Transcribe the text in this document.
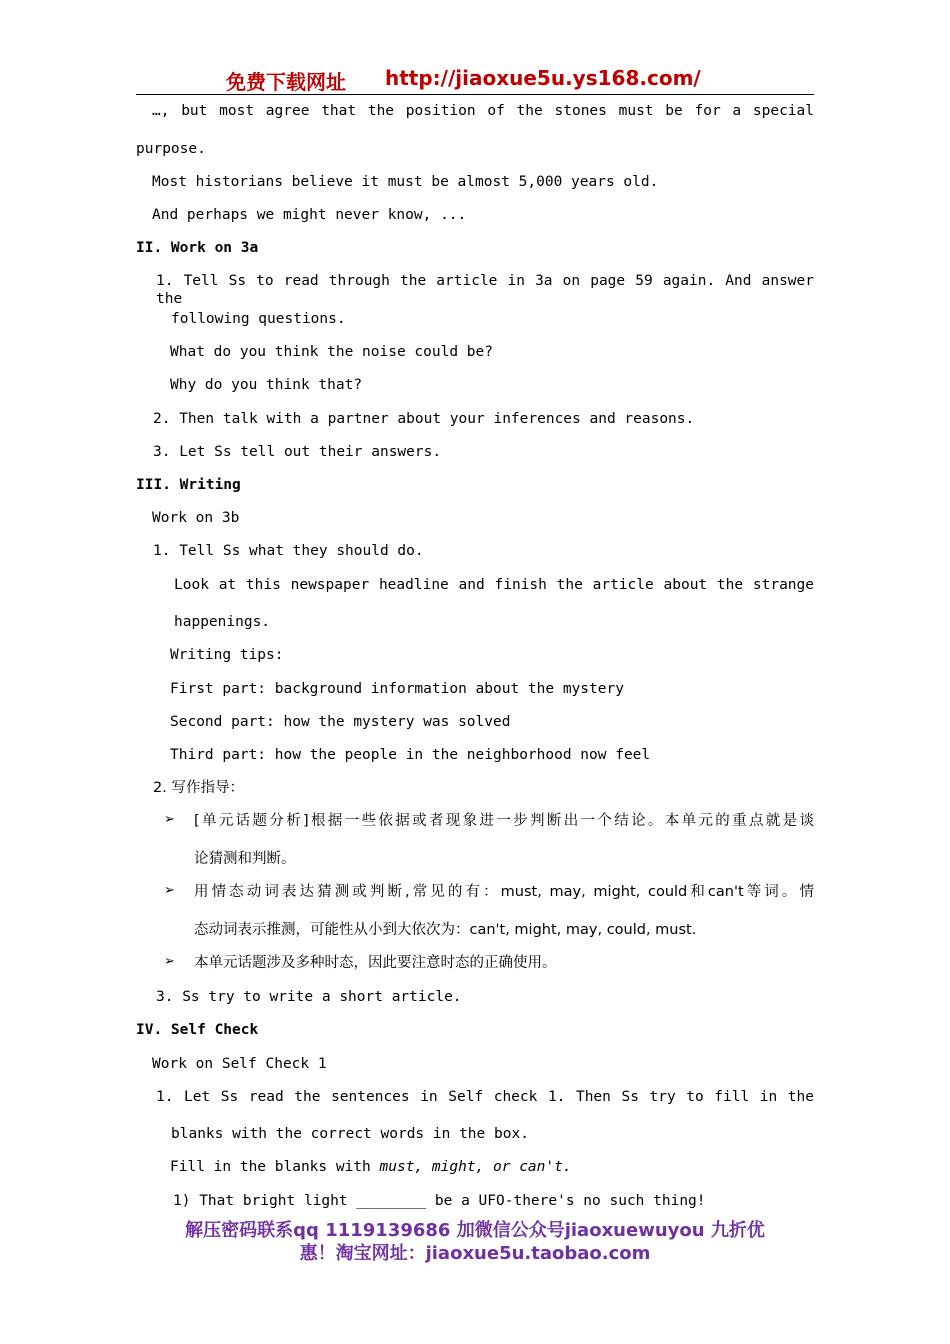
免费下载网址 http://jiaoxue5u.ys168.com/
…, but most agree that the position of the stones must be for a special
purpose.
Most historians believe it must be almost 5,000 years old.
And perhaps we might never know, ...
II. Work on 3a
1. Tell Ss to read through the article in 3a on page 59 again. And answer the
following questions.
What do you think the noise could be?
Why do you think that?
2. Then talk with a partner about your inferences and reasons.
3. Let Ss tell out their answers.
III. Writing
Work on 3b
1. Tell Ss what they should do.
Look at this newspaper headline and finish the article about the strange
happenings.
Writing tips:
First part: background information about the mystery
Second part: how the mystery was solved
Third part: how the people in the neighborhood now feel
2. 写作指导：
➢ [单元话题分析]根据一些依据或者现象进一步判断出一个结论。本单元的重点就是谈
论猜测和判断。
➢ 用情态动词表达猜测或判断,常见的有：must, may, might, could和can't等词。情
态动词表示推测，可能性从小到大依次为：can't, might, may, could, must.
➢ 本单元话题涉及多种时态，因此要注意时态的正确使用。
3. Ss try to write a short article.
IV. Self Check
Work on Self Check 1
1. Let Ss read the sentences in Self check 1. Then Ss try to fill in the
blanks with the correct words in the box.
Fill in the blanks with must, might, or can't.
1) That bright light ________ be a UFO-there's no such thing!
解压密码联系qq 1119139686 加微信公众号jiaoxuewuyou 九折优
惠！淘宝网址：jiaoxue5u.taobao.com
